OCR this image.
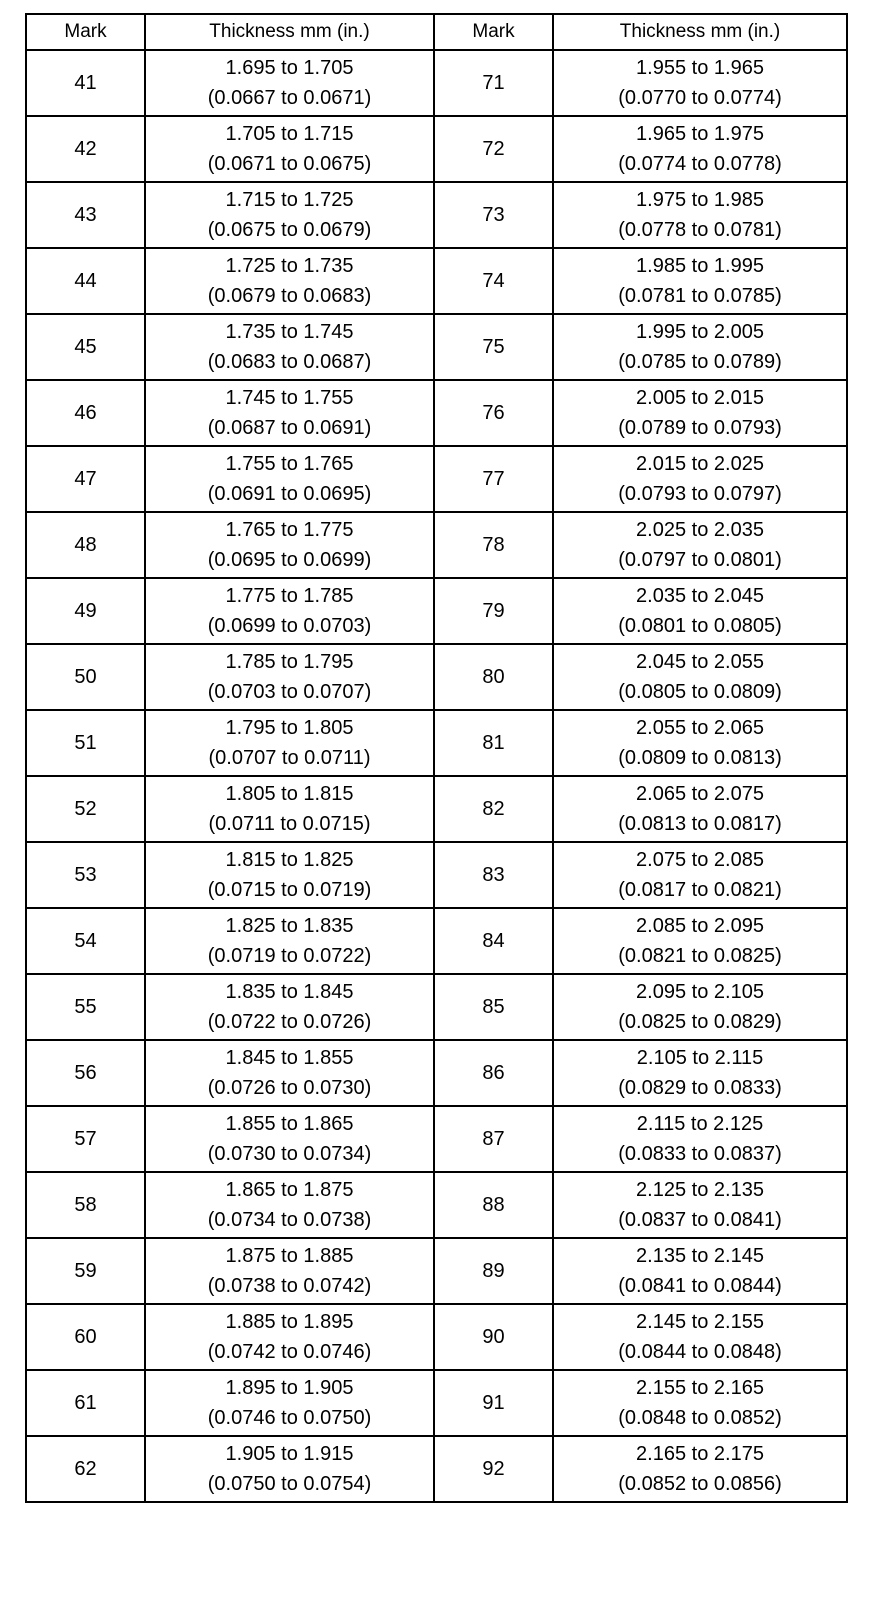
Mark	Thickness mm (in.)	Mark	Thickness mm (in.)
41	1.695 to 1.705
(0.0667 to 0.0671)	71	1.955 to 1.965
(0.0770 to 0.0774)

42	1.705 to 1.715
(0.0671 to 0.0675)	72	1.965 to 1.975
(0.0774 to 0.0778)

43	1.715 to 1.725
(0.0675 to 0.0679)	73	1.975 to 1.985
(0.0778 to 0.0781)

44	1.725 to 1.735
(0.0679 to 0.0683)	74	1.985 to 1.995
(0.0781 to 0.0785)

45	1.735 to 1.745
(0.0683 to 0.0687)	75	1.995 to 2.005
(0.0785 to 0.0789)

46	1.745 to 1.755
(0.0687 to 0.0691)	76	2.005 to 2.015
(0.0789 to 0.0793)

47	1.755 to 1.765
(0.0691 to 0.0695)	77	2.015 to 2.025
(0.0793 to 0.0797)

48	1.765 to 1.775
(0.0695 to 0.0699)	78	2.025 to 2.035
(0.0797 to 0.0801)

49	1.775 to 1.785
(0.0699 to 0.0703)	79	2.035 to 2.045
(0.0801 to 0.0805)

50	1.785 to 1.795
(0.0703 to 0.0707)	80	2.045 to 2.055
(0.0805 to 0.0809)

51	1.795 to 1.805
(0.0707 to 0.0711)	81	2.055 to 2.065
(0.0809 to 0.0813)

52	1.805 to 1.815
(0.0711 to 0.0715)	82	2.065 to 2.075
(0.0813 to 0.0817)

53	1.815 to 1.825
(0.0715 to 0.0719)	83	2.075 to 2.085
(0.0817 to 0.0821)

54	1.825 to 1.835
(0.0719 to 0.0722)	84	2.085 to 2.095
(0.0821 to 0.0825)

55	1.835 to 1.845
(0.0722 to 0.0726)	85	2.095 to 2.105
(0.0825 to 0.0829)

56	1.845 to 1.855
(0.0726 to 0.0730)	86	2.105 to 2.115
(0.0829 to 0.0833)

57	1.855 to 1.865
(0.0730 to 0.0734)	87	2.115 to 2.125
(0.0833 to 0.0837)

58	1.865 to 1.875
(0.0734 to 0.0738)	88	2.125 to 2.135
(0.0837 to 0.0841)

59	1.875 to 1.885
(0.0738 to 0.0742)	89	2.135 to 2.145
(0.0841 to 0.0844)

60	1.885 to 1.895
(0.0742 to 0.0746)	90	2.145 to 2.155
(0.0844 to 0.0848)

61	1.895 to 1.905
(0.0746 to 0.0750)	91	2.155 to 2.165
(0.0848 to 0.0852)

62	1.905 to 1.915
(0.0750 to 0.0754)	92	2.165 to 2.175
(0.0852 to 0.0856)
